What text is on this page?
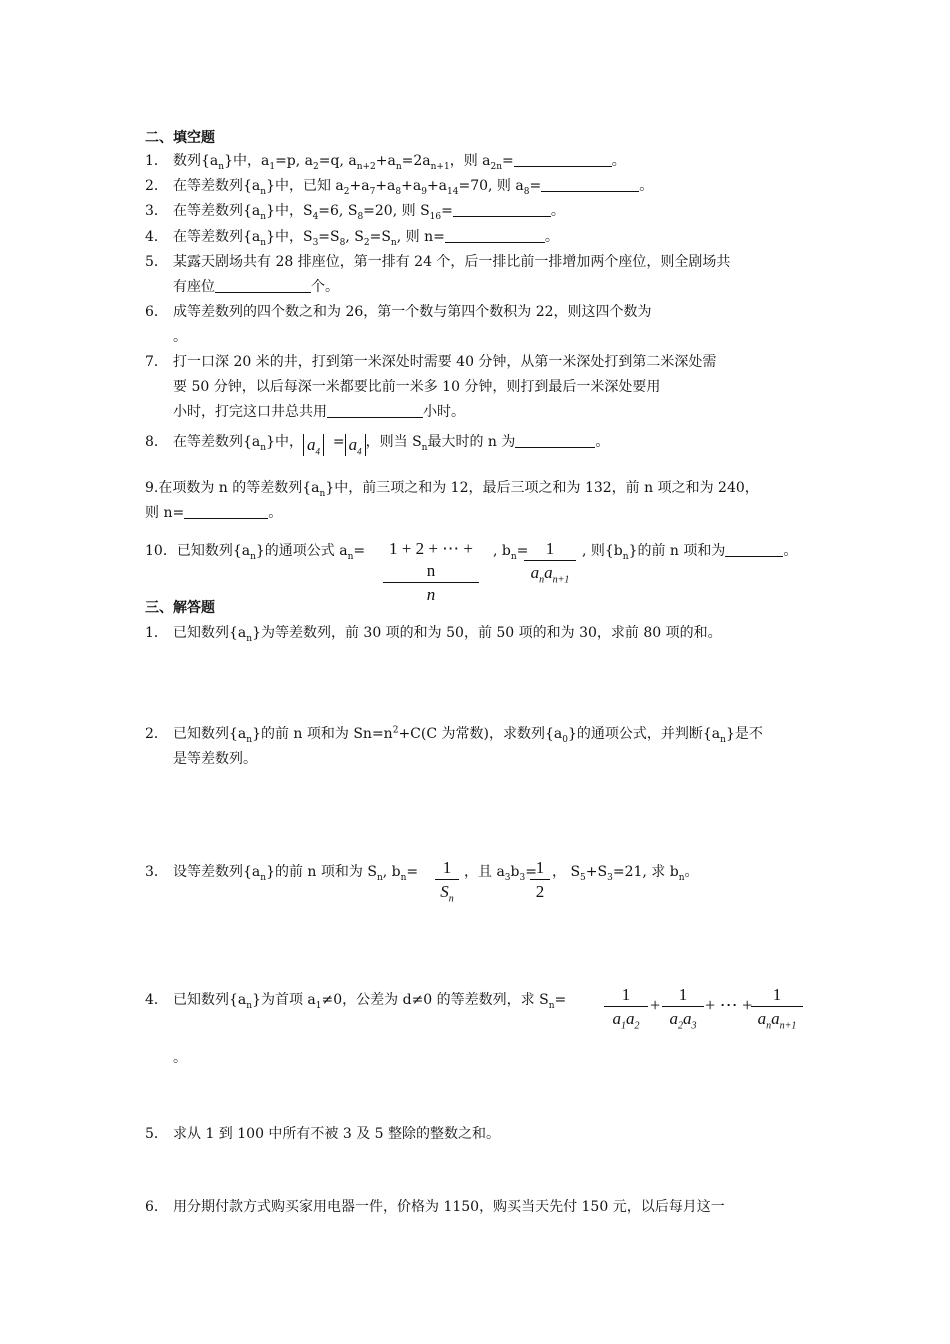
二、填空题
1． 数列$\{a_n\}$中，$a_1=p$, $a_2=q$, $a_{n+2}+a_n=2a_{n+1}$，则 $a_{2n}=$	。
2． 在等差数列$\{a_n\}$中，已知 $a_2+a_7+a_8+a_9+a_{14}=70$, 则 $a_8=$	。
3． 在等差数列$\{a_n\}$中，$S_4=6$, $S_8=20$, 则 $S_{16}=$	。
4． 在等差数列$\{a_n\}$中，$S_3=S_8$, $S_2=S_n$, 则 n=	。
5． 某露天剧场共有 28 排座位，第一排有 24 个，后一排比前一排增加两个座位，则全剧场共
有座位	个。
6． 成等差数列的四个数之和为 26，第一个数与第四个数积为 22，则这四个数为
。
7． 打一口深 20 米的井，打到第一米深处时需要 40 分钟，从第一米深处打到第二米深处需
要 50 分钟，以后每深一米都要比前一米多 10 分钟，则打到最后一米深处要用
小时，打完这口井总共用	小时。
8． 在等差数列$\{a_n\}$中， $a_4 = a_4$，则当 $S_n$最大时的 n 为	。
9.在项数为 n 的等差数列$\{a_n\}$中，前三项之和为 12，最后三项之和为 132，前 n 项之和为 240，
则 n=	。
10．已知数列$\{a_n\}$的通项公式 $a_n= \frac{1 + 2 + \cdots + n}{n}$ , $b_n=$	1
$a_na_{n+1}$
, 则$\{b_n\}$的前 n 项和为	。
三、解答题
1． 已知数列$\{a_n\}$为等差数列，前 30 项的和为 50，前 50 项的和为 30，求前 80 项的和。
2． 已知数列$\{a_n\}$的前 n 项和为 $Sn=n^2+C(C$ 为常数)，求数列$\{a_0\}$的通项公式，并判断$\{a_n\}$是不
是等差数列。
3． 设等差数列$\{a_n\}$的前 n 项和为 $S_n$, $b_n= \frac{1}{S_n}$ ，且 $a_3b_3=$
$\frac{1}{2}$ ， $S_5+S_3=21$, 求 $b_n$。
4． 已知数列$\{a_n\}$为首项 $a_1\ne 0$，公差为 d≠0 的等差数列，求 $S_n= \frac{1}{a_1a_2} + \frac{1}{a_2a_3}$ + ⋯ +
1
$a_na_{n+1}$
。
5． 求从 1 到 100 中所有不被 3 及 5 整除的整数之和。
6． 用分期付款方式购买家用电器一件，价格为 1150，购买当天先付 150 元，以后每月这一
